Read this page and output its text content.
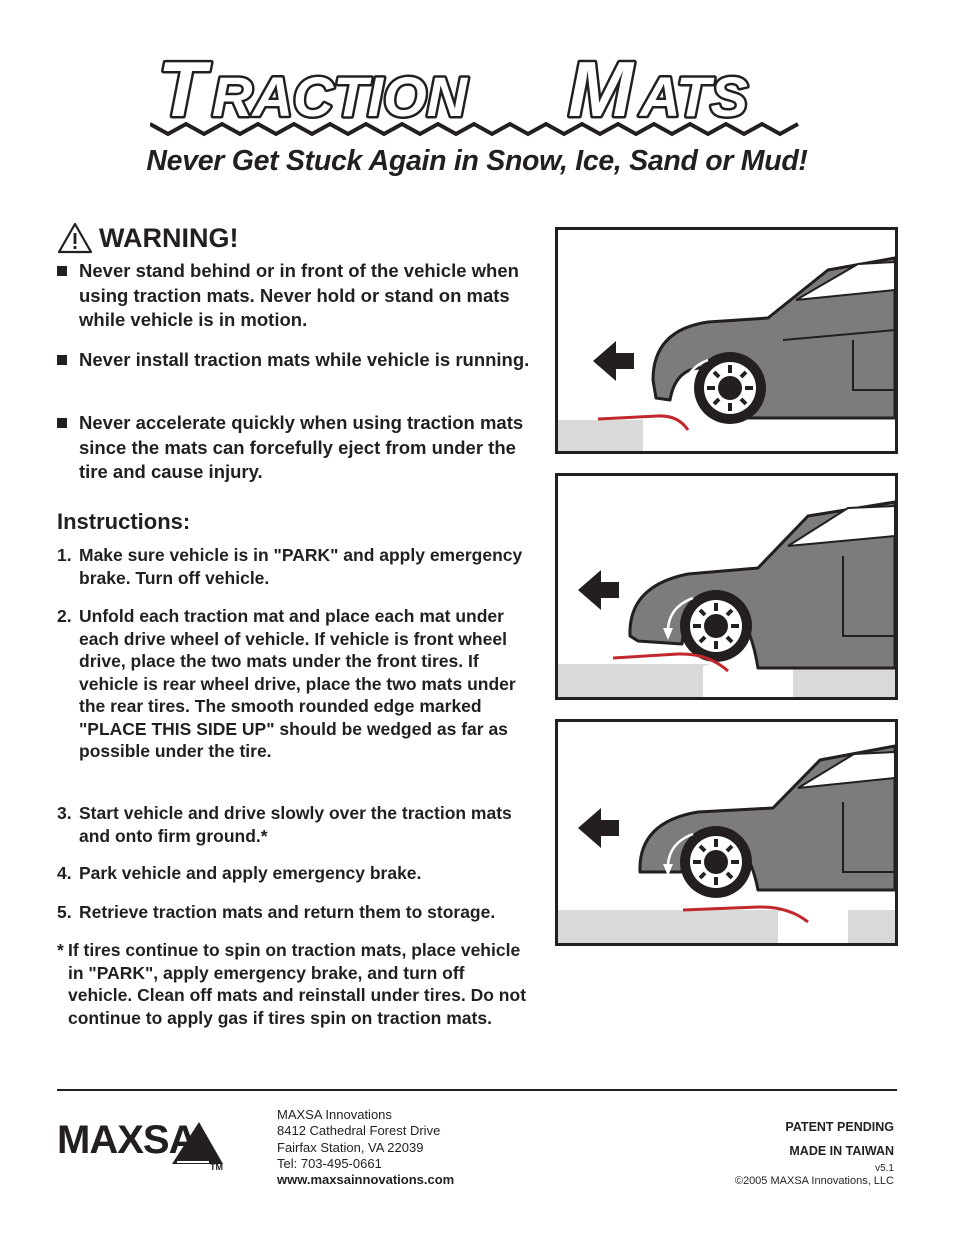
T RACTION M ATS
Never Get Stuck Again in Snow, Ice, Sand or Mud!
WARNING!
Never stand behind or in front of the vehicle when using traction mats. Never hold or stand on mats while vehicle is in motion.
Never install traction mats while vehicle is running.
Never accelerate quickly when using traction mats since the mats can forcefully eject from under the tire and cause injury.
Instructions:
1. Make sure vehicle is in "PARK" and apply emergency brake. Turn off vehicle.
2. Unfold each traction mat and place each mat under each drive wheel of vehicle. If vehicle is front wheel drive, place the two mats under the front tires. If vehicle is rear wheel drive, place the two mats under the rear tires. The smooth rounded edge marked "PLACE THIS SIDE UP" should be wedged as far as possible under the tire.
3. Start vehicle and drive slowly over the traction mats and onto firm ground.*
4. Park vehicle and apply emergency brake.
5. Retrieve traction mats and return them to storage.
* If tires continue to spin on traction mats, place vehicle in "PARK", apply emergency brake, and turn off vehicle. Clean off mats and reinstall under tires. Do not continue to apply gas if tires spin on traction mats.
MAXSA
TM
MAXSA Innovations
8412 Cathedral Forest Drive
Fairfax Station, VA 22039
Tel: 703-495-0661
www.maxsainnovations.com
PATENT PENDING
MADE IN TAIWAN
v5.1
©2005 MAXSA Innovations, LLC
